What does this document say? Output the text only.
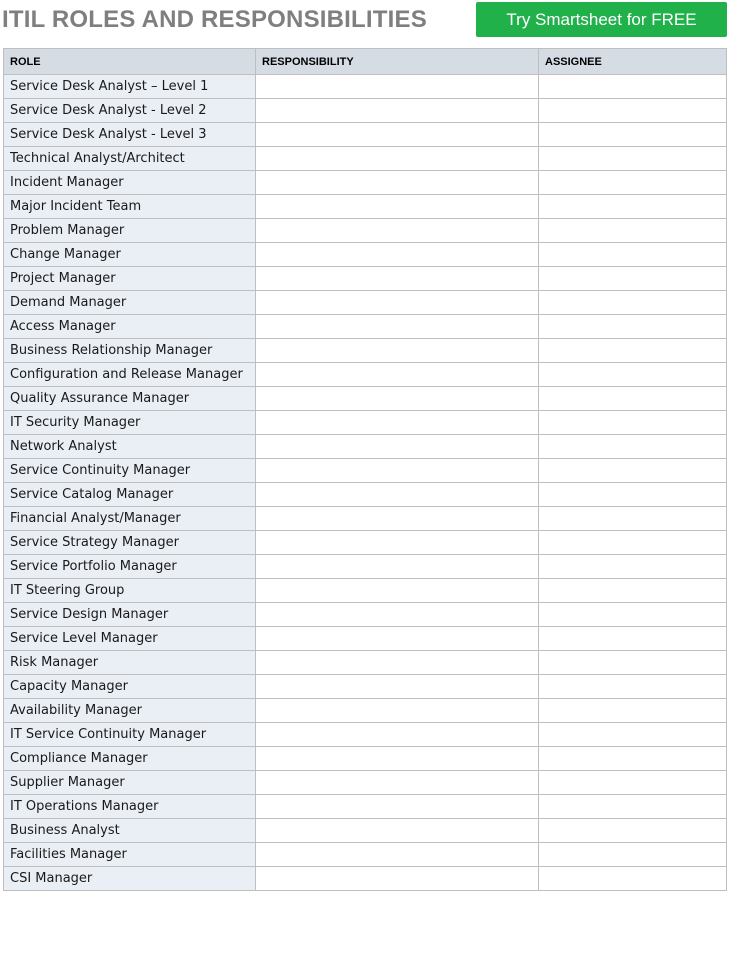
ITIL ROLES AND RESPONSIBILITIES	Try Smartsheet for FREE
ROLE	RESPONSIBILITY	ASSIGNEE
Service Desk Analyst – Level 1		
Service Desk Analyst - Level 2		
Service Desk Analyst - Level 3		
Technical Analyst/Architect		
Incident Manager		
Major Incident Team		
Problem Manager		
Change Manager		
Project Manager		
Demand Manager		
Access Manager		
Business Relationship Manager		
Configuration and Release Manager		
Quality Assurance Manager		
IT Security Manager		
Network Analyst		
Service Continuity Manager		
Service Catalog Manager		
Financial Analyst/Manager		
Service Strategy Manager		
Service Portfolio Manager		
IT Steering Group		
Service Design Manager		
Service Level Manager		
Risk Manager		
Capacity Manager		
Availability Manager		
IT Service Continuity Manager		
Compliance Manager		
Supplier Manager		
IT Operations Manager		
Business Analyst		
Facilities Manager		
CSI Manager		
